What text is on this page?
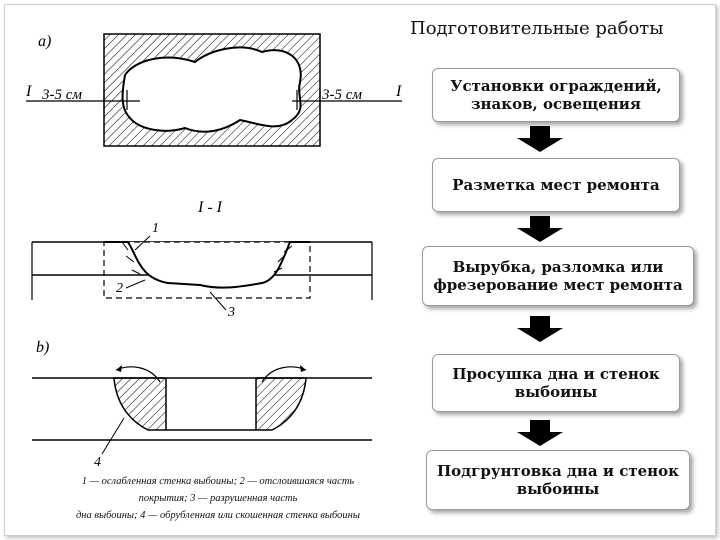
a)
I 3-5 см	3-5 см I
I - I
1
2
3
b)
4
1 — ослабленная стенка выбоины; 2 — отслоившаяся часть
покрытия; 3 — разрушенная часть
дна выбоины; 4 — обрубленная или скошенная стенка выбоины
Подготовительные работы
Установки ограждений, знаков, освещения
Разметка мест ремонта
Вырубка, разломка или фрезерование мест ремонта
Просушка дна и стенок выбоины
Подгрунтовка дна и стенок выбоины
